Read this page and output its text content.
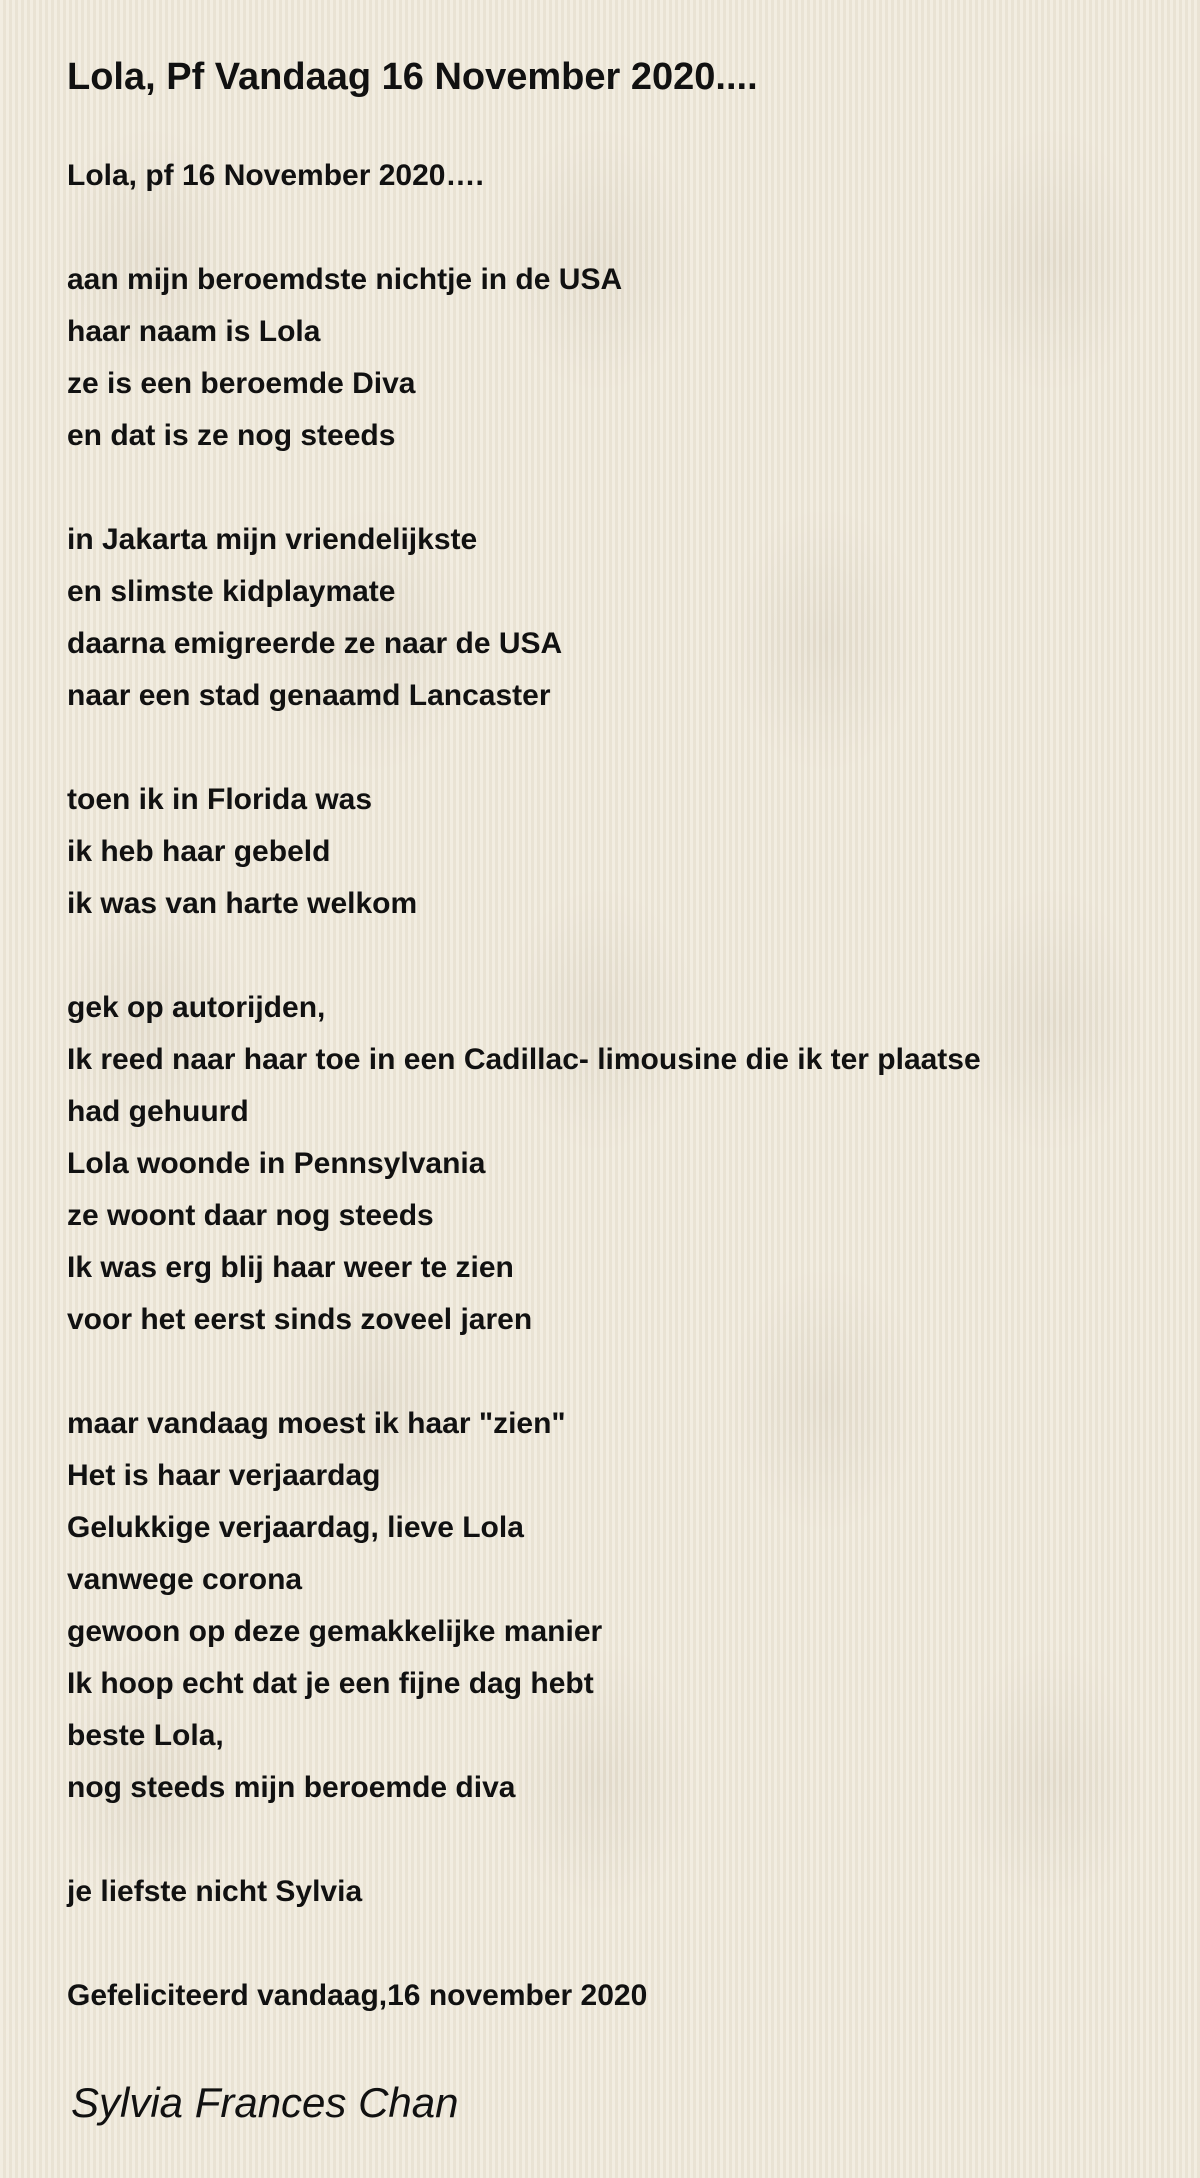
Lola, Pf Vandaag 16 November 2020....
Lola, pf 16 November 2020….
aan mijn beroemdste nichtje in de USA
haar naam is Lola
ze is een beroemde Diva
en dat is ze nog steeds
in Jakarta mijn vriendelijkste
en slimste kidplaymate
daarna emigreerde ze naar de USA
naar een stad genaamd Lancaster
toen ik in Florida was
ik heb haar gebeld
ik was van harte welkom
gek op autorijden,
Ik reed naar haar toe in een Cadillac- limousine die ik ter plaatse
had gehuurd
Lola woonde in Pennsylvania
ze woont daar nog steeds
Ik was erg blij haar weer te zien
voor het eerst sinds zoveel jaren
maar vandaag moest ik haar "zien"
Het is haar verjaardag
Gelukkige verjaardag, lieve Lola
vanwege corona
gewoon op deze gemakkelijke manier
Ik hoop echt dat je een fijne dag hebt
beste Lola,
nog steeds mijn beroemde diva
je liefste nicht Sylvia
Gefeliciteerd vandaag,16 november 2020
Sylvia Frances Chan
